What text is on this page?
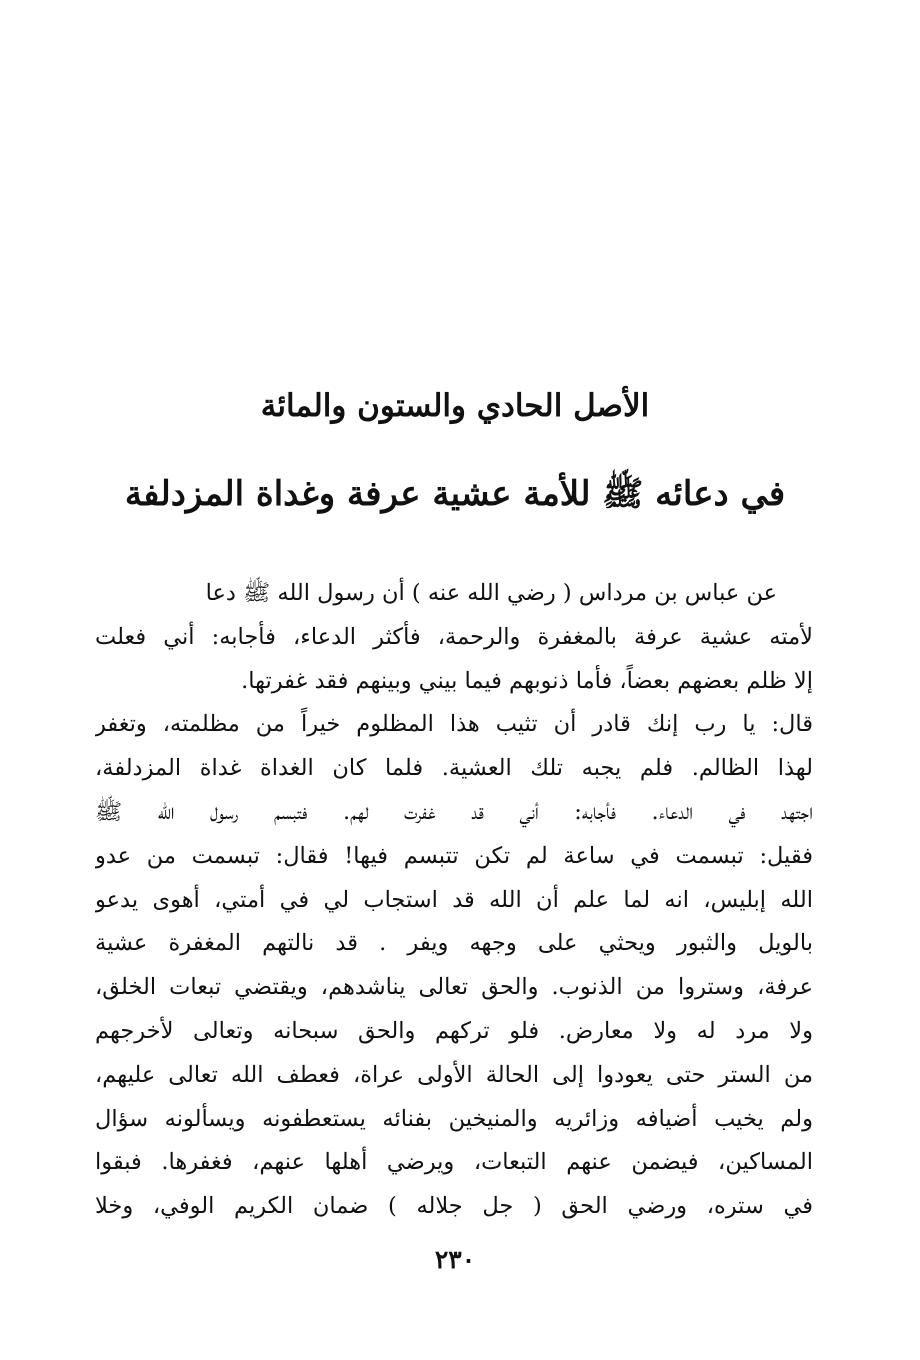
الأصل الحادي والستون والمائة
في دعائه ﷺ للأمة عشية عرفة وغداة المزدلفة
عن عباس بن مرداس ( رضي الله عنه ) أن رسول الله ﷺ دعا
لأمته عشية عرفة بالمغفرة والرحمة، فأكثر الدعاء، فأجابه: أني فعلت
إلا ظلم بعضهم بعضاً، فأما ذنوبهم فيما بيني وبينهم فقد غفرتها.
قال: يا رب إنك قادر أن تثيب هذا المظلوم خيراً من مظلمته، وتغفر
لهذا الظالم. فلم يجبه تلك العشية. فلما كان الغداة غداة المزدلفة،
اجتهد في الدعاء. فأجابه: أني قد غفرت لهم. فتبسم رسول الله ﷺ
فقيل: تبسمت في ساعة لم تكن تتبسم فيها! فقال: تبسمت من عدو
الله إبليس، انه لما علم أن الله قد استجاب لي في أمتي، أهوى يدعو
بالويل والثبور ويحثي على وجهه ويفر . قد نالتهم المغفرة عشية
عرفة، وستروا من الذنوب. والحق تعالى يناشدهم، ويقتضي تبعات الخلق،
ولا مرد له ولا معارض. فلو تركهم والحق سبحانه وتعالى لأخرجهم
من الستر حتى يعودوا إلى الحالة الأولى عراة، فعطف الله تعالى عليهم،
ولم يخيب أضيافه وزائريه والمنيخين بفنائه يستعطفونه ويسألونه سؤال
المساكين، فيضمن عنهم التبعات، ويرضي أهلها عنهم، فغفرها. فبقوا
في ستره، ورضي الحق ( جل جلاله ) ضمان الكريم الوفي، وخلا
٢٣٠
